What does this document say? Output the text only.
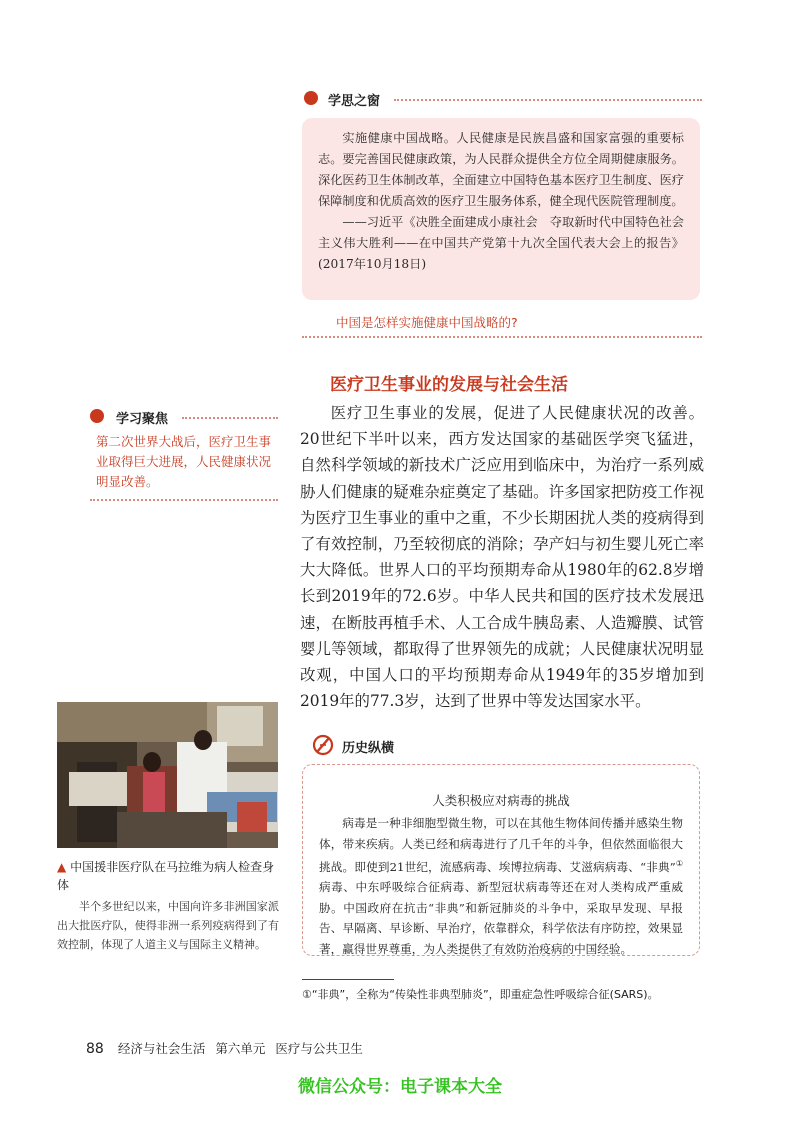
学思之窗

实施健康中国战略。人民健康是民族昌盛和国家富强的重要标志。要完善国民健康政策，为人民群众提供全方位全周期健康服务。深化医药卫生体制改革，全面建立中国特色基本医疗卫生制度、医疗保障制度和优质高效的医疗卫生服务体系，健全现代医院管理制度。

——习近平《决胜全面建成小康社会　夺取新时代中国特色社会主义伟大胜利——在中国共产党第十九次全国代表大会上的报告》(2017年10月18日)

中国是怎样实施健康中国战略的?
医疗卫生事业的发展与社会生活
学习聚焦
第二次世界大战后，医疗卫生事业取得巨大进展，人民健康状况明显改善。

医疗卫生事业的发展，促进了人民健康状况的改善。20世纪下半叶以来，西方发达国家的基础医学突飞猛进，自然科学领域的新技术广泛应用到临床中，为治疗一系列威胁人们健康的疑难杂症奠定了基础。许多国家把防疫工作视为医疗卫生事业的重中之重，不少长期困扰人类的疫病得到了有效控制，乃至较彻底的消除；孕产妇与初生婴儿死亡率大大降低。世界人口的平均预期寿命从1980年的62.8岁增长到2019年的72.6岁。中华人民共和国的医疗技术发展迅速，在断肢再植手术、人工合成牛胰岛素、人造瓣膜、试管婴儿等领域，都取得了世界领先的成就；人民健康状况明显改观，中国人口的平均预期寿命从1949年的35岁增加到2019年的77.3岁，达到了世界中等发达国家水平。

▲ 中国援非医疗队在马拉维为病人检查身体
半个多世纪以来，中国向许多非洲国家派出大批医疗队，使得非洲一系列疫病得到了有效控制，体现了人道主义与国际主义精神。
人类积极应对病毒的挑战

病毒是一种非细胞型微生物，可以在其他生物体间传播并感染生物体，带来疾病。人类已经和病毒进行了几千年的斗争，但依然面临很大挑战。即使到21世纪，流感病毒、埃博拉病毒、艾滋病病毒、“非典”①病毒、中东呼吸综合征病毒、新型冠状病毒等还在对人类构成严重威胁。中国政府在抗击“非典”和新冠肺炎的斗争中，采取早发现、早报告、早隔离、早诊断、早治疗，依靠群众，科学依法有序防控，效果显著，赢得世界尊重，为人类提供了有效防治疫病的中国经验。

历史纵横
①“非典”，全称为“传染性非典型肺炎”，即重症急性呼吸综合征(SARS)。
88 经济与社会生活 第六单元 医疗与公共卫生
微信公众号：电子课本大全
